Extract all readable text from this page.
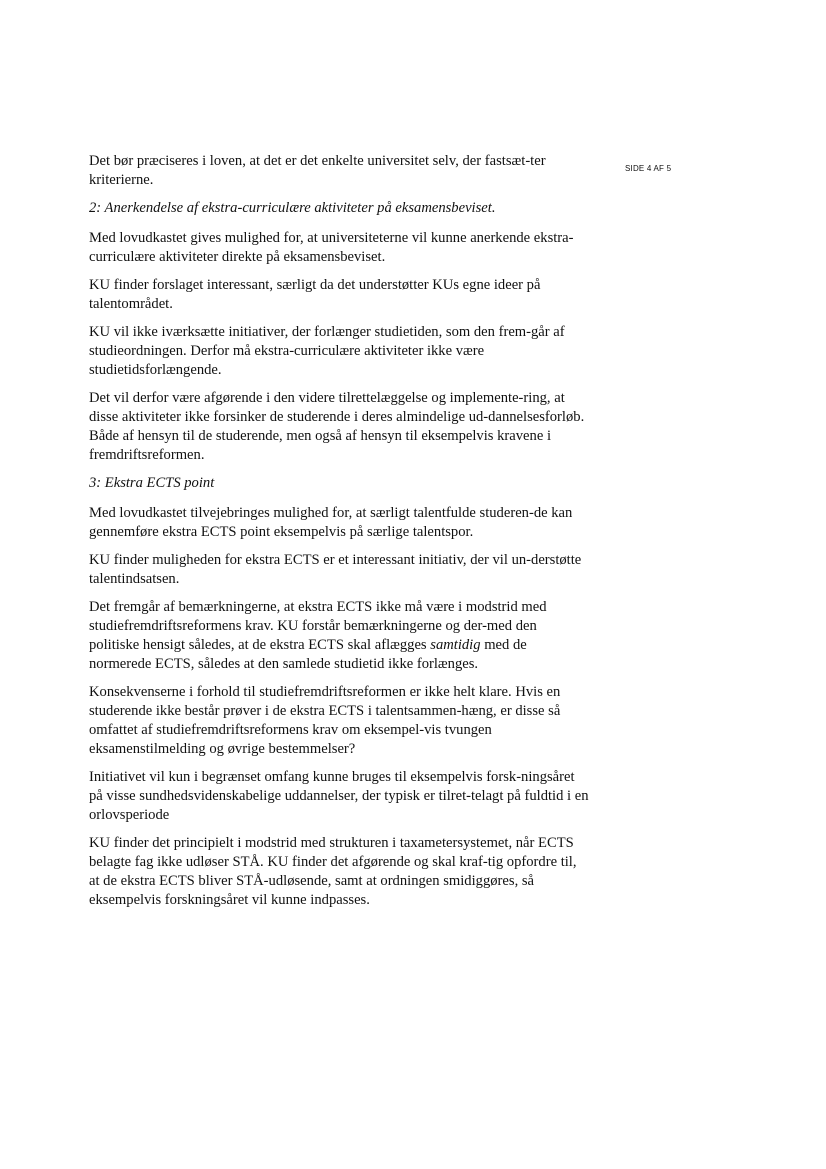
SIDE 4 AF 5

Det bør præciseres i loven, at det er det enkelte universitet selv, der fastsæt-ter kriterierne.

2: Anerkendelse af ekstra-curriculære aktiviteter på eksamensbeviset.

Med lovudkastet gives mulighed for, at universiteterne vil kunne anerkende ekstra-curriculære aktiviteter direkte på eksamensbeviset.

KU finder forslaget interessant, særligt da det understøtter KUs egne ideer på talentområdet.

KU vil ikke iværksætte initiativer, der forlænger studietiden, som den frem-går af studieordningen. Derfor må ekstra-curriculære aktiviteter ikke være studietidsforlængende.

Det vil derfor være afgørende i den videre tilrettelæggelse og implemente-ring, at disse aktiviteter ikke forsinker de studerende i deres almindelige ud-dannelsesforløb. Både af hensyn til de studerende, men også af hensyn til eksempelvis kravene i fremdriftsreformen.

3: Ekstra ECTS point

Med lovudkastet tilvejebringes mulighed for, at særligt talentfulde studeren-de kan gennemføre ekstra ECTS point eksempelvis på særlige talentspor.

KU finder muligheden for ekstra ECTS er et interessant initiativ, der vil un-derstøtte talentindsatsen.

Det fremgår af bemærkningerne, at ekstra ECTS ikke må være i modstrid med studiefremdriftsreformens krav. KU forstår bemærkningerne og der-med den politiske hensigt således, at de ekstra ECTS skal aflægges samtidig med de normerede ECTS, således at den samlede studietid ikke forlænges.

Konsekvenserne i forhold til studiefremdriftsreformen er ikke helt klare. Hvis en studerende ikke består prøver i de ekstra ECTS i talentsammen-hæng, er disse så omfattet af studiefremdriftsreformens krav om eksempel-vis tvungen eksamenstilmelding og øvrige bestemmelser?

Initiativet vil kun i begrænset omfang kunne bruges til eksempelvis forsk-ningsåret på visse sundhedsvidenskabelige uddannelser, der typisk er tilret-telagt på fuldtid i en orlovsperiode

KU finder det principielt i modstrid med strukturen i taxametersystemet, når ECTS belagte fag ikke udløser STÅ. KU finder det afgørende og skal kraf-tig opfordre til, at de ekstra ECTS bliver STÅ-udløsende, samt at ordningen smidiggøres, så eksempelvis forskningsåret vil kunne indpasses.
